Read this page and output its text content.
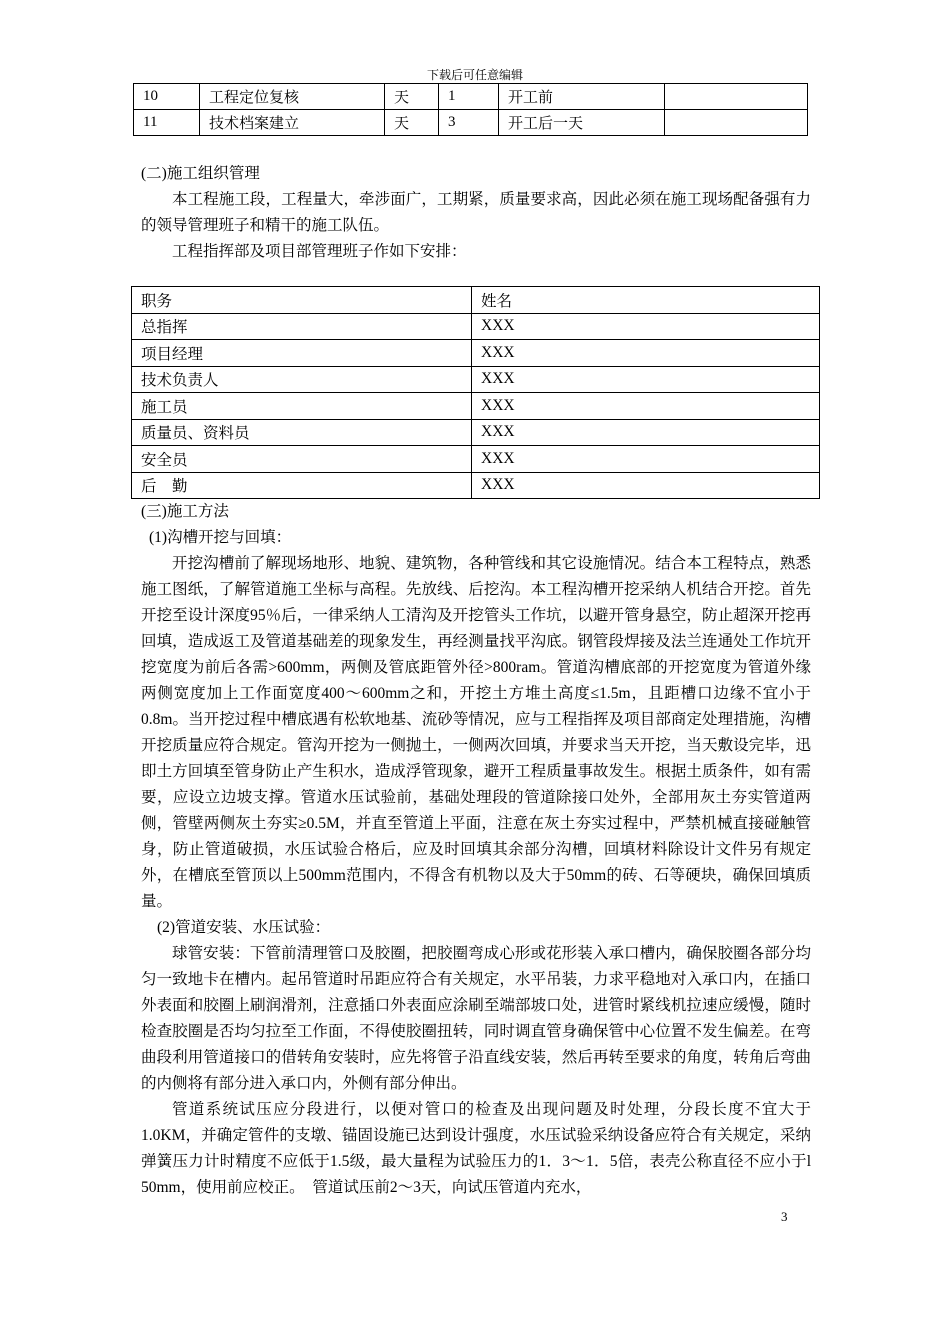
下载后可任意编辑
10	工程定位复核	天	1	开工前	
11	技术档案建立	天	3	开工后一天	

(二)施工组织管理

本工程施工段，工程量大，牵涉面广，工期紧，质量要求高，因此必须在施工现场配备强有力的领导管理班子和精干的施工队伍。

工程指挥部及项目部管理班子作如下安排：

职务	姓名
总指挥	XXX
项目经理	XXX
技术负责人	XXX
施工员	XXX
质量员、资料员	XXX
安全员	XXX
后　勤	XXX

(三)施工方法

(1)沟槽开挖与回填：

开挖沟槽前了解现场地形、地貌、建筑物，各种管线和其它设施情况。结合本工程特点，熟悉施工图纸，了解管道施工坐标与高程。先放线、后挖沟。本工程沟槽开挖采纳人机结合开挖。首先开挖至设计深度95％后，一律采纳人工清沟及开挖管头工作坑，以避开管身悬空，防止超深开挖再回填，造成返工及管道基础差的现象发生，再经测量找平沟底。钢管段焊接及法兰连通处工作坑开挖宽度为前后各需>600mm，两侧及管底距管外径>800ram。管道沟槽底部的开挖宽度为管道外缘两侧宽度加上工作面宽度400～600mm之和，开挖土方堆土高度≤1.5m，且距槽口边缘不宜小于0.8m。当开挖过程中槽底遇有松软地基、流砂等情况，应与工程指挥及项目部商定处理措施，沟槽开挖质量应符合规定。管沟开挖为一侧抛土，一侧两次回填，并要求当天开挖，当天敷设完毕，迅即土方回填至管身防止产生积水，造成浮管现象，避开工程质量事故发生。根据土质条件，如有需要，应设立边坡支撑。管道水压试验前，基础处理段的管道除接口处外，全部用灰土夯实管道两侧，管壁两侧灰土夯实≥0.5M，并直至管道上平面，注意在灰土夯实过程中，严禁机械直接碰触管身，防止管道破损，水压试验合格后，应及时回填其余部分沟槽，回填材料除设计文件另有规定外，在槽底至管顶以上500mm范围内，不得含有机物以及大于50mm的砖、石等硬块，确保回填质量。

(2)管道安装、水压试验：

球管安装：下管前清理管口及胶圈，把胶圈弯成心形或花形装入承口槽内，确保胶圈各部分均匀一致地卡在槽内。起吊管道时吊距应符合有关规定，水平吊装，力求平稳地对入承口内，在插口外表面和胶圈上刷润滑剂，注意插口外表面应涂刷至端部坡口处，进管时紧线机拉速应缓慢，随时检查胶圈是否均匀拉至工作面，不得使胶圈扭转，同时调直管身确保管中心位置不发生偏差。在弯曲段利用管道接口的借转角安装时，应先将管子沿直线安装，然后再转至要求的角度，转角后弯曲的内侧将有部分进入承口内，外侧有部分伸出。

管道系统试压应分段进行，以便对管口的检查及出现问题及时处理，分段长度不宜大于1.0KM，并确定管件的支墩、锚固设施已达到设计强度，水压试验采纳设备应符合有关规定，采纳弹簧压力计时精度不应低于1.5级，最大量程为试验压力的1．3～1．5倍，表壳公称直径不应小于l 50mm，使用前应校正。　管道试压前2～3天，向试压管道内充水，

3
